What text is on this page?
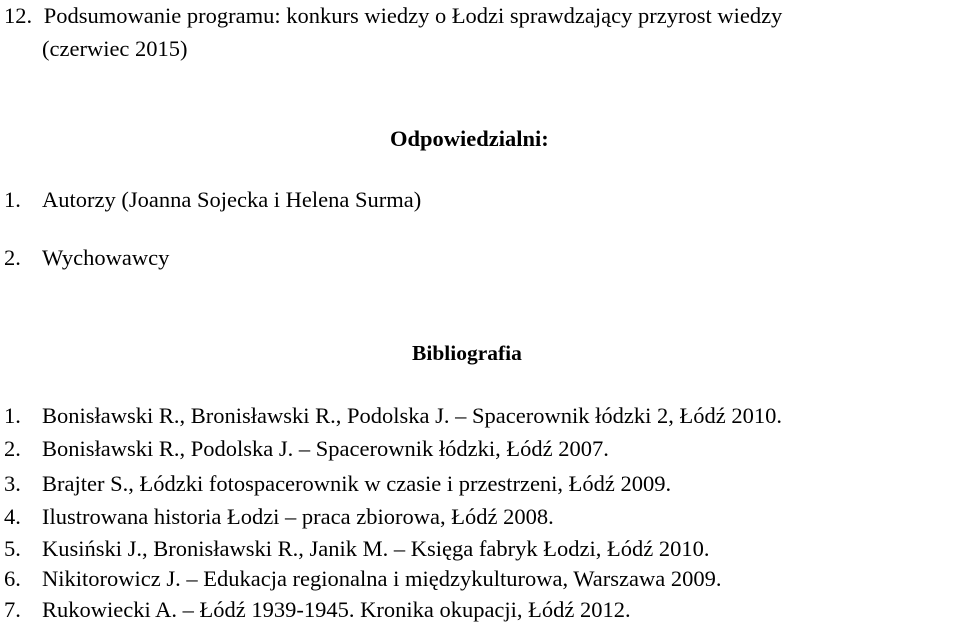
12. Podsumowanie programu: konkurs wiedzy o Łodzi sprawdzający przyrost wiedzy
(czerwiec 2015)
Odpowiedzialni:
1. Autorzy (Joanna Sojecka i Helena Surma)
2. Wychowawcy
Bibliografia
1. Bonisławski R., Bronisławski R., Podolska J. – Spacerownik łódzki 2, Łódź 2010.
2. Bonisławski R., Podolska J. – Spacerownik łódzki, Łódź 2007.
3. Brajter S., Łódzki fotospacerownik w czasie i przestrzeni, Łódź 2009.
4. Ilustrowana historia Łodzi – praca zbiorowa, Łódź 2008.
5. Kusiński J., Bronisławski R., Janik M. – Księga fabryk Łodzi, Łódź 2010.
6. Nikitorowicz J. – Edukacja regionalna i międzykulturowa, Warszawa 2009.
7. Rukowiecki A. – Łódź 1939-1945. Kronika okupacji, Łódź 2012.
